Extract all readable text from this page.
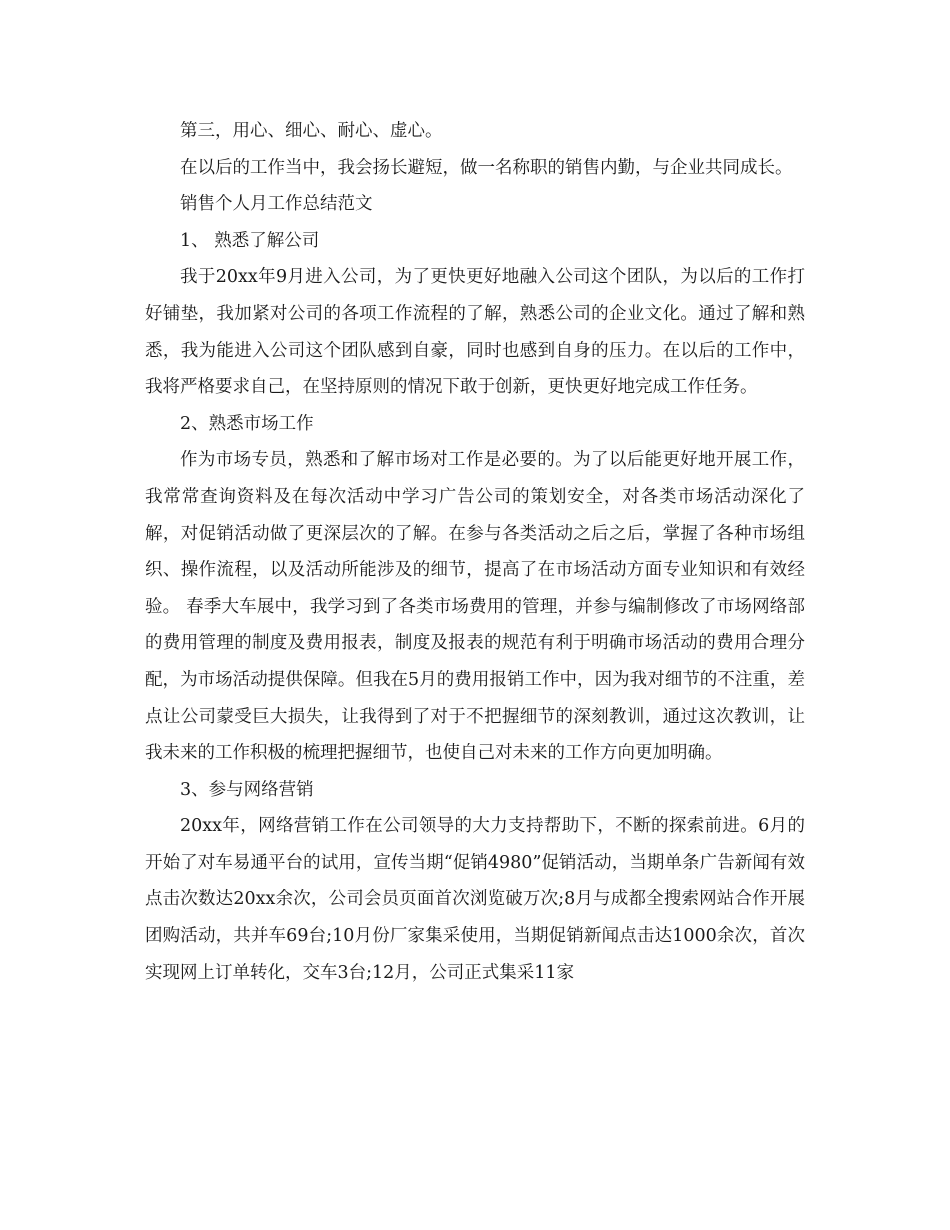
第三，用心、细心、耐心、虚心。

在以后的工作当中，我会扬长避短，做一名称职的销售内勤，与企业共同成长。

销售个人月工作总结范文

1、 熟悉了解公司

我于20xx年9月进入公司，为了更快更好地融入公司这个团队，为以后的工作打好铺垫，我加紧对公司的各项工作流程的了解，熟悉公司的企业文化。通过了解和熟悉，我为能进入公司这个团队感到自豪，同时也感到自身的压力。在以后的工作中，我将严格要求自己，在坚持原则的情况下敢于创新，更快更好地完成工作任务。

2、熟悉市场工作

作为市场专员，熟悉和了解市场对工作是必要的。为了以后能更好地开展工作，我常常查询资料及在每次活动中学习广告公司的策划安全，对各类市场活动深化了解，对促销活动做了更深层次的了解。在参与各类活动之后之后，掌握了各种市场组织、操作流程，以及活动所能涉及的细节，提高了在市场活动方面专业知识和有效经验。 春季大车展中，我学习到了各类市场费用的管理，并参与编制修改了市场网络部的费用管理的制度及费用报表，制度及报表的规范有利于明确市场活动的费用合理分配，为市场活动提供保障。但我在5月的费用报销工作中，因为我对细节的不注重，差点让公司蒙受巨大损失，让我得到了对于不把握细节的深刻教训，通过这次教训，让我未来的工作积极的梳理把握细节，也使自己对未来的工作方向更加明确。

3、参与网络营销

20xx年，网络营销工作在公司领导的大力支持帮助下，不断的探索前进。6月的开始了对车易通平台的试用，宣传当期“促销4980”促销活动，当期单条广告新闻有效点击次数达20xx余次，公司会员页面首次浏览破万次;8月与成都全搜索网站合作开展团购活动，共并车69台;10月份厂家集采使用，当期促销新闻点击达1000余次，首次实现网上订单转化，交车3台;12月，公司正式集采11家
